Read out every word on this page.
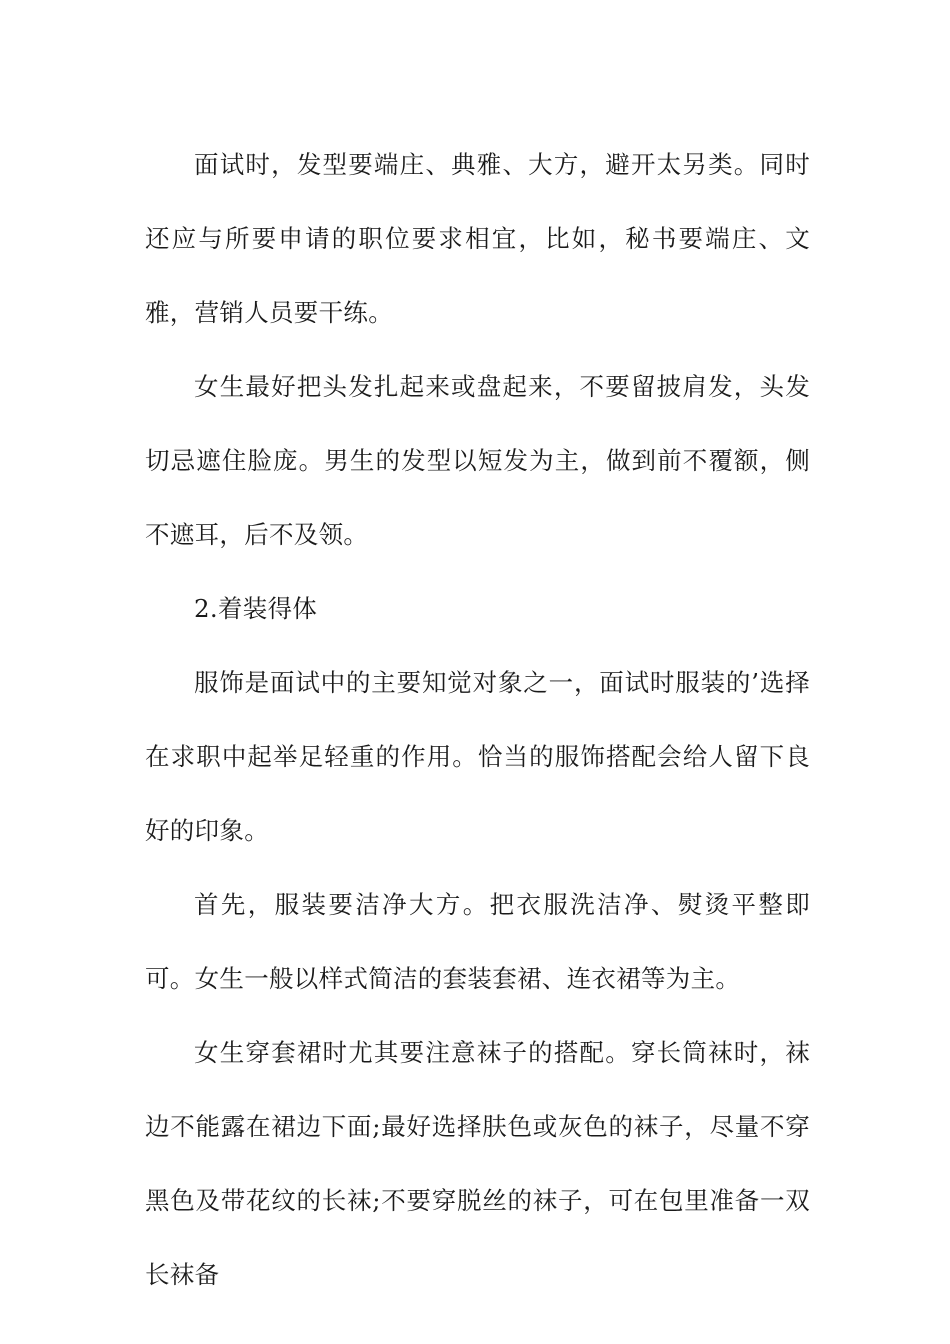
面试时，发型要端庄、典雅、大方，避开太另类。同时还应与所要申请的职位要求相宜，比如，秘书要端庄、文雅，营销人员要干练。

女生最好把头发扎起来或盘起来，不要留披肩发，头发切忌遮住脸庞。男生的发型以短发为主，做到前不覆额，侧不遮耳，后不及领。

2.着装得体

服饰是面试中的主要知觉对象之一，面试时服装的’选择在求职中起举足轻重的作用。恰当的服饰搭配会给人留下良好的印象。

首先，服装要洁净大方。把衣服洗洁净、熨烫平整即可。女生一般以样式简洁的套装套裙、连衣裙等为主。

女生穿套裙时尤其要注意袜子的搭配。穿长筒袜时，袜边不能露在裙边下面;最好选择肤色或灰色的袜子，尽量不穿黑色及带花纹的长袜;不要穿脱丝的袜子，可在包里准备一双长袜备
